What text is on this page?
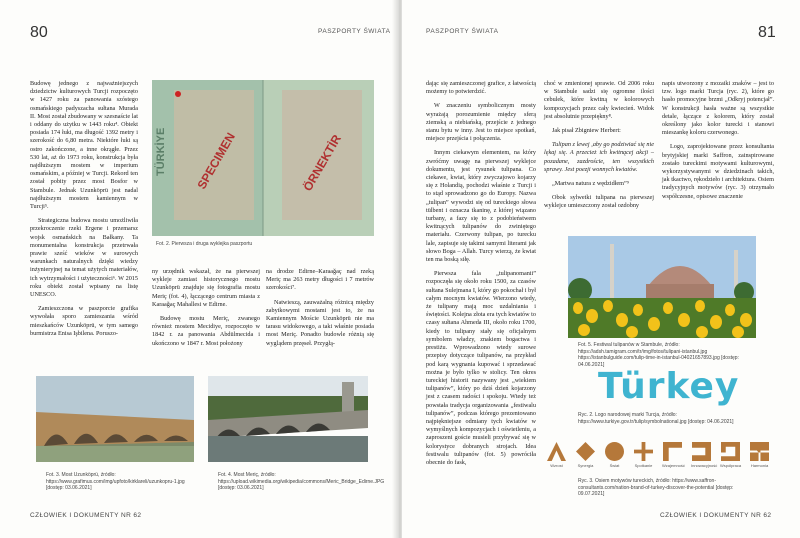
80	PASZPORTY ŚWIATA

Budowę jednego z najważniejszych dziedzictw kulturowych Turcji rozpoczęto w 1427 roku za panowania szóstego osmańskiego padyszacha sułtana Murada II. Most został zbudowany w szesnaście lat i oddany do użytku w 1443 roku⁴. Obiekt posiada 174 łuki, ma długość 1392 metry i szerokość do 6,80 metra. Niektóre łuki są ostro zakończone, a inne okrągłe. Przez 530 lat, aż do 1973 roku, konstrukcja była najdłuższym mostem w imperium osmańskim, a później w Turcji. Rekord ten został pobity przez most Bosfor w Stambule. Jednak Uzunköprü jest nadal najdłuższym mostem kamiennym w Turcji⁵.

Strategiczna budowa mostu umożliwiła przekroczenie rzeki Ergene i przemarsz wojsk osmańskich na Bałkany. Ta monumentalna konstrukcja przetrwała prawie sześć wieków w surowych warunkach naturalnych dzięki wiedzy inżynieryjnej na temat użytych materiałów, ich wytrzymałości i użyteczności⁶. W 2015 roku obiekt został wpisany na listę UNESCO.

Zamieszczona w paszporcie grafika wywołała sporo zamieszania wśród mieszkańców Uzunköprü, w tym samego burmistrza Enisa Işbilena. Poruszo-

TÜRKİYE SPECIMEN	ÖRNEKTİR
Fot. 2. Pierwsza i druga wyklejka paszportu

ny urzędnik wskazał, że na pierwszej wykleje zamiast historycznego mostu Uzunköprü znajduje się fotografia mostu Meriç (fot. 4), łączącego centrum miasta z Karaağaç Mahallesi w Edirne.

Budowę mostu Meriç, zwanego również mostem Mecidiye, rozpoczęto w 1842 r. za panowania Abdülmecida i ukończono w 1847 r. Most położony

na drodze Edirne–Karaağaç nad rzeką Meriç ma 263 metry długości i 7 metrów szerokości⁷.

Natwieszą, zauważalną różnicą między zabytkowymi mostami jest to, że na Kamiennym Moście Uzunköprü nie ma tarasu widokowego, a taki właśnie posiada most Meriç. Ponadto budowle różnią się wyglądem przęseł. Przygłą-

Fot. 3. Most Uzunköprü, źródło: https://www.grafimus.com/img/upfoto/kirklareli/uzunkopru-1.jpg [dostęp: 03.06.2021]
Fot. 4. Most Meriç, źródło: https://upload.wikimedia.org/wikipedia/commons/Meric_Bridge_Edirne.JPG [dostęp: 03.06.2021]
CZŁOWIEK I DOKUMENTY NR 62
PASZPORTY ŚWIATA	81

dając się zamieszczonej grafice, z łatwością możemy to potwierdzić.

W znaczeniu symbolicznym mosty wyrażają porozumienie między sferą ziemską a niebiańską, przejście z jednego stanu bytu w inny. Jest to miejsce spotkań, miejsce przejścia i połączenia.

Innym ciekawym elementem, na który zwróćmy uwagę na pierwszej wyklejce dokumentu, jest rysunek tulipana. Co ciekawe, kwiat, który zwyczajowo kojarzy się z Holandią, pochodzi właśnie z Turcji i to stąd sprowadzono go do Europy. Nazwa „tulipan” wywodzi się od tureckiego słowa tülbent i oznacza tkaninę, z której wiązano turbany, a fazy się to z podobieństwem kwitnących tulipanów do zwiniętego materiału. Czerwony tulipan, po turecku lale, zapisuje się takimi samymi literami jak słowo Boga – Allah. Turcy wierzą, że kwiat ten ma boską siłę.

Pierwsza fala „tulipanomanii” rozpoczęła się około roku 1500, za czasów sułtana Sulejmana I, który go pokochał i był całym mocnym kwiatów. Wierzono wtedy, że tulipany mają moc uzdalniania i świętości. Kolejna złota era tych kwiatów to czasy sułtana Ahmeda III, około roku 1700, kiedy to tulipany stały się oficjalnym symbolem władzy, znakiem bogactwa i prestiżu. Wprowadzono wtedy surowe przepisy dotyczące tulipanów, na przykład pod karą wygnania kupować i sprzedawać można je było tylko w stolicy. Ten okres tureckiej historii nazywany jest „wiekiem tulipanów”, który po dziś dzień kojarzony jest z czasem radości i spokoju. Wtedy też powstała tradycja organizowania „festiwalu tulipanów”, podczas którego prezentowano najpiękniejsze odmiany tych kwiatów w wymyślnych kompozycjach i oświetleniu, a zaproszeni goście musieli przybywać się w kolorystyce dobranych strojach. Idea festiwalu tulipanów (fot. 5) powróciła obecnie do fask,

choć w zmienionej sprawie. Od 2006 roku w Stambule sadzi się ogromne ilości cebulek, które kwitną w kolorowych kompozycjach przez cały kwiecień. Widok jest absolutnie przepiękny⁸.

Jak pisał Zbigniew Herbert:

Tulipan z lewej ,aby go podziwiać się nie lękaj się. A przecież ich kwitnącej akcji – pozadane, zazdroście, ten wszystkich sprawy. Jest poezji wonnych kwiatów.

„Martwa natura z wędzidłem”⁹

Obok sylwetki tulipana na pierwszej wyklejce umieszczony został ozdobny

napis utworzony z mozaiki znaków – jest to tzw. logo marki Turcja (ryc. 2), które go hasło promocyjne brzmi „Odkryj potencjał”. W konstrukcji hasła ważne są wszystkie detale, łączące z kolorem, który został określony jako kolor turecki i stanowi mieszankę koloru czerwonego.

Logo, zaprojektowane przez konsultanta brytyjskiej marki Saffron, zainspirowane zostało tureckimi motywami kulturowymi, wykorzystywanymi w dziedzinach takich, jak tkactwo, rękodzieło i architektura. Osiem tradycyjnych motywów (ryc. 3) otrzymało współczesne, opisowe znaczenie

Fot. 5. Festiwal tulipanów w Stambule, źródło: https://adsh.tamigram.com/tr/img/fotos/tulipani-istanbul.jpg https://istanbulguide.com/tulip-time-in-istanbul-04021657893.jpg [dostęp: 04.06.2021]
Türkey
Ryc. 2. Logo narodowej marki Turcja, źródło: https://www.turkiye.gov.tr/tulip/symbolnational.jpg [dostęp: 04.06.2021]
Wzrost	Synergia	Świat	Spotkanie	Wzajemność Innowacyjność Współpraca	Harmonia
Ryc. 3. Osiem motywów tureckich, źródło: https://www.saffron-consultants.com/nation-brand-of-turkey-discover-the-potential [dostęp: 09.07.2021]
CZŁOWIEK I DOKUMENTY NR 62
